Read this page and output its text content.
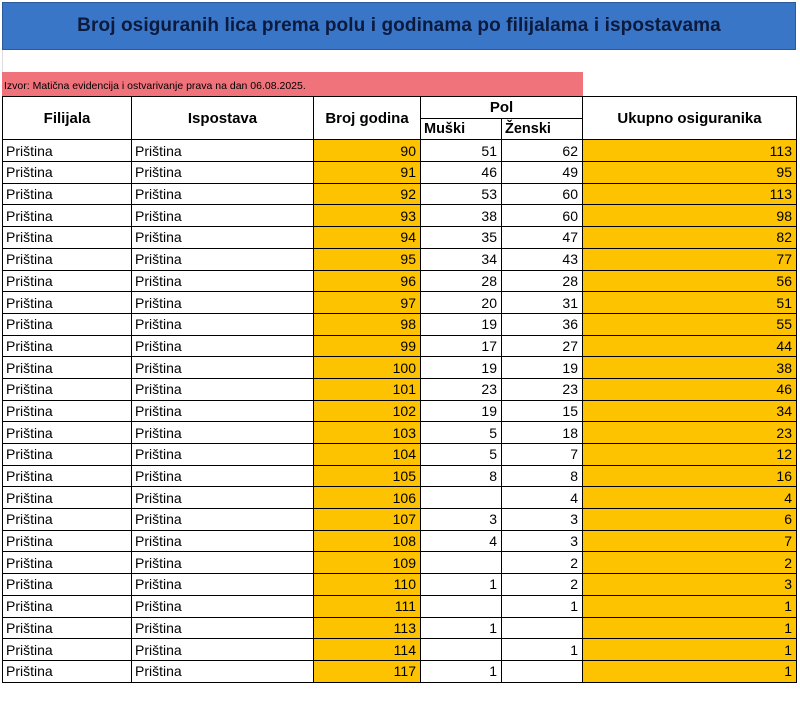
Broj osiguranih lica prema polu i godinama po filijalama i ispostavama
Izvor: Matična evidencija i ostvarivanje prava na dan 06.08.2025.
Filijala	Ispostava	Broj godina	Pol		Ukupno osiguranika
			Muški	Ženski	
Priština	Priština	90	51	62	113
Priština	Priština	91	46	49	95
Priština	Priština	92	53	60	113
Priština	Priština	93	38	60	98
Priština	Priština	94	35	47	82
Priština	Priština	95	34	43	77
Priština	Priština	96	28	28	56
Priština	Priština	97	20	31	51
Priština	Priština	98	19	36	55
Priština	Priština	99	17	27	44
Priština	Priština	100	19	19	38
Priština	Priština	101	23	23	46
Priština	Priština	102	19	15	34
Priština	Priština	103	5	18	23
Priština	Priština	104	5	7	12
Priština	Priština	105	8	8	16
Priština	Priština	106		4	4
Priština	Priština	107	3	3	6
Priština	Priština	108	4	3	7
Priština	Priština	109		2	2
Priština	Priština	110	1	2	3
Priština	Priština	111		1	1
Priština	Priština	113	1		1
Priština	Priština	114		1	1
Priština	Priština	117	1		1
